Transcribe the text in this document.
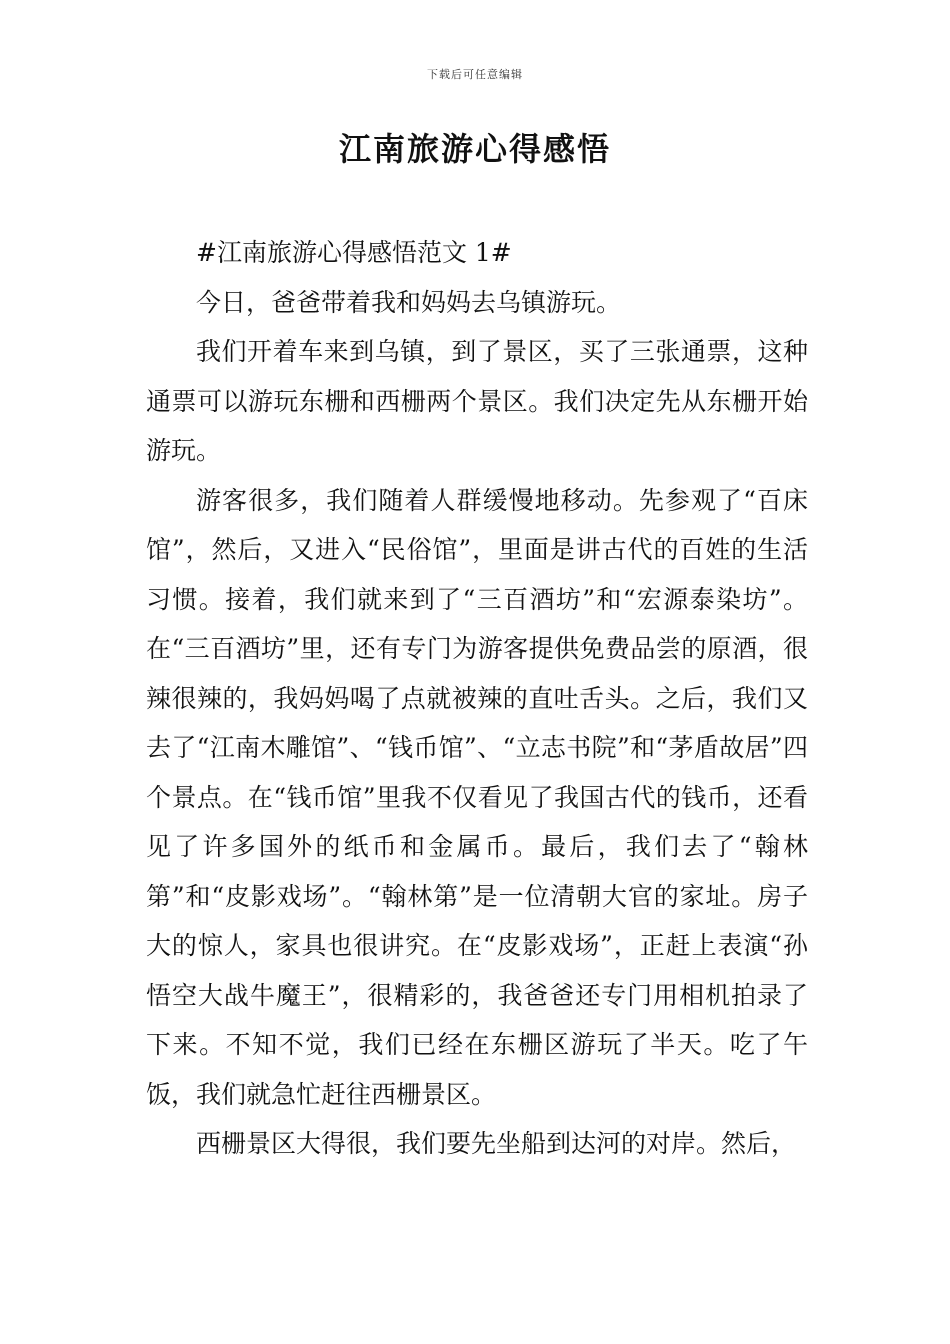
下载后可任意编辑
江南旅游心得感悟

#江南旅游心得感悟范文 1#

今日，爸爸带着我和妈妈去乌镇游玩。

我们开着车来到乌镇，到了景区，买了三张通票，这种通票可以游玩东栅和西栅两个景区。我们决定先从东栅开始游玩。

游客很多，我们随着人群缓慢地移动。先参观了“百床馆”，然后，又进入“民俗馆”，里面是讲古代的百姓的生活习惯。接着，我们就来到了“三百酒坊”和“宏源泰染坊”。在“三百酒坊”里，还有专门为游客提供免费品尝的原酒，很辣很辣的，我妈妈喝了点就被辣的直吐舌头。之后，我们又去了“江南木雕馆”、“钱币馆”、“立志书院”和“茅盾故居”四个景点。在“钱币馆”里我不仅看见了我国古代的钱币，还看见了许多国外的纸币和金属币。最后，我们去了“翰林第”和“皮影戏场”。“翰林第”是一位清朝大官的家址。房子大的惊人，家具也很讲究。在“皮影戏场”，正赶上表演“孙悟空大战牛魔王”，很精彩的，我爸爸还专门用相机拍录了下来。不知不觉，我们已经在东栅区游玩了半天。吃了午饭，我们就急忙赶往西栅景区。

西栅景区大得很，我们要先坐船到达河的对岸。然后，
